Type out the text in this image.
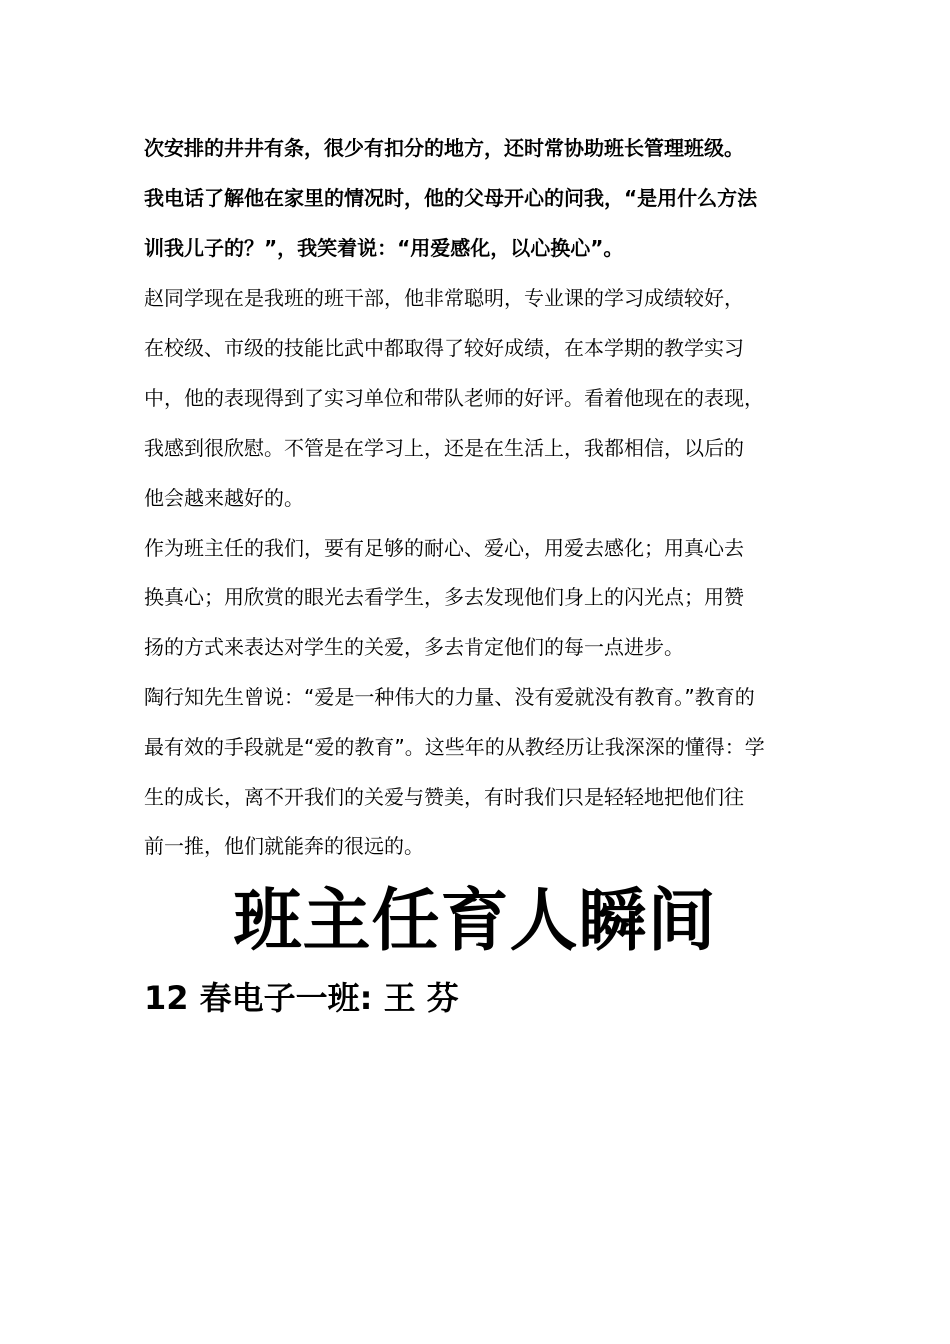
次安排的井井有条，很少有扣分的地方，还时常协助班长管理班级。
我电话了解他在家里的情况时，他的父母开心的问我，“是用什么方法
训我儿子的？”，我笑着说：“用爱感化，以心换心”。
赵同学现在是我班的班干部，他非常聪明，专业课的学习成绩较好，
在校级、市级的技能比武中都取得了较好成绩，在本学期的教学实习
中，他的表现得到了实习单位和带队老师的好评。看着他现在的表现，
我感到很欣慰。不管是在学习上，还是在生活上，我都相信，以后的
他会越来越好的。
作为班主任的我们，要有足够的耐心、爱心，用爱去感化；用真心去
换真心；用欣赏的眼光去看学生，多去发现他们身上的闪光点；用赞
扬的方式来表达对学生的关爱，多去肯定他们的每一点进步。
陶行知先生曾说：“爱是一种伟大的力量、没有爱就没有教育。”教育的
最有效的手段就是“爱的教育”。这些年的从教经历让我深深的懂得：学
生的成长，离不开我们的关爱与赞美，有时我们只是轻轻地把他们往
前一推，他们就能奔的很远的。
班主任育人瞬间
12 春电子一班: 王 芬
